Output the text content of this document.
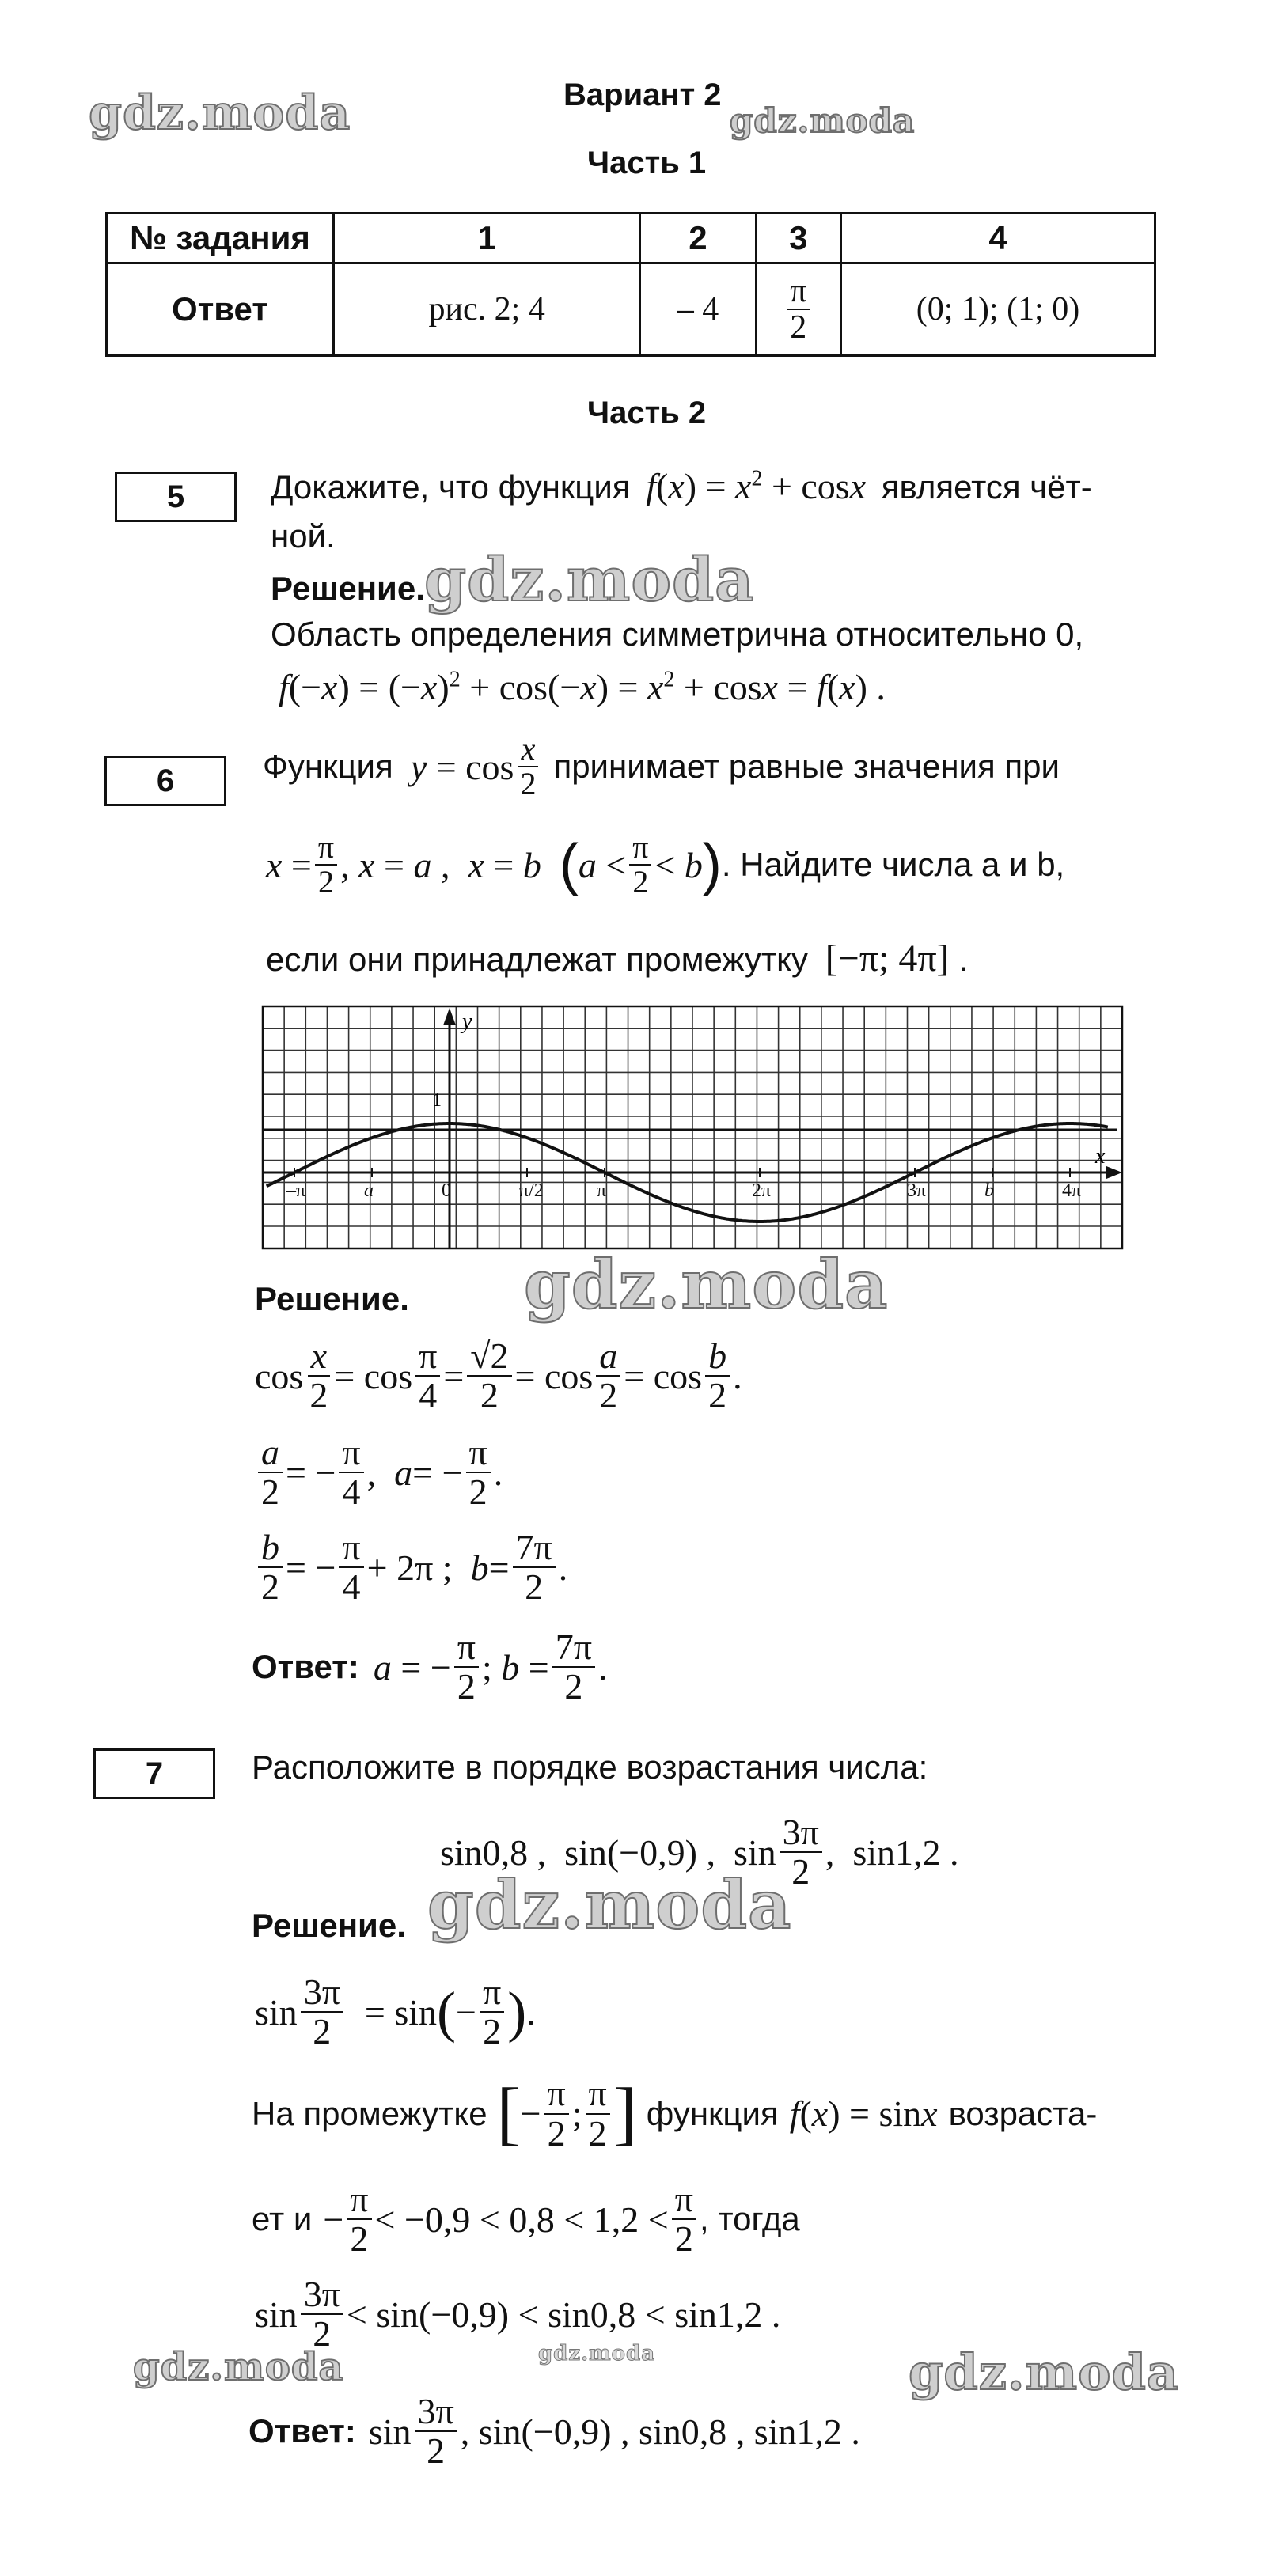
gdz.moda	gdz.moda
gdz.moda
gdz.moda
gdz.moda
gdz.moda	gdz.moda	gdz.moda
Вариант 2
Часть 1
№ задания	1	2	3	4
Ответ	рис. 2; 4	– 4	$\frac{\pi}{2}$	(0; 1); (1; 0)
Часть 2
5	Докажите, что функция $f(x) = x^2 + \cos x$ является чёт-
ной.
Решение.
Область определения симметрична относительно 0,
$f(-x) = (-x)^2 + \cos(-x) = x^2 + \cos x = f(x)$ .
6	Функция $y = \cos \frac{x}{2}$ принимает равные значения при
$x = \frac{\pi}{2}$ , x = a ,  x = b ( $a < \frac{\pi}{2} < b$ ) . Найдите числа a и b,
если они принадлежат промежутку [−π; 4π] .
–π	a	0	π/2	π	2π	3π	b	4π
y
x
1
Решение.
$\cos \frac{x}{2} = \cos \frac{\pi}{4} = \frac{√2}{2} = \cos \frac{a}{2} = \cos \frac{b}{2}$ .
$\frac{a}{2}$ = − $\frac{\pi}{4}$ , a = − $\frac{\pi}{2}$ .
$\frac{b}{2}$ = − $\frac{\pi}{4} + 2\pi$ ; $b = \frac{7\pi}{2}$ .
Ответ: a = − $\frac{\pi}{2}$ ; $b = \frac{7\pi}{2}$ .
7	Расположите в порядке возрастания числа:
sin0,8 ,  sin(−0,9) ,  $\sin \frac{3\pi}{2}$ ,  sin1,2 .
Решение.
$\sin \frac{3\pi}{2} = \sin$ ( − $\frac{\pi}{2}$ ) .
На промежутке [ − $\frac{\pi}{2}$ ; $\frac{\pi}{2}$ ] функция f(x) = sinx возраста-
ет $и - \frac{\pi}{2} < -0,9 < 0,8 < 1,2 < \frac{\pi}{2}$ , тогда
$\sin \frac{3\pi}{2} < \sin(-0,9) < \sin 0,8 < \sin 1,2$ .
Ответ: $\sin \frac{3\pi}{2}$ , sin(−0,9) , sin0,8 , sin1,2 .
